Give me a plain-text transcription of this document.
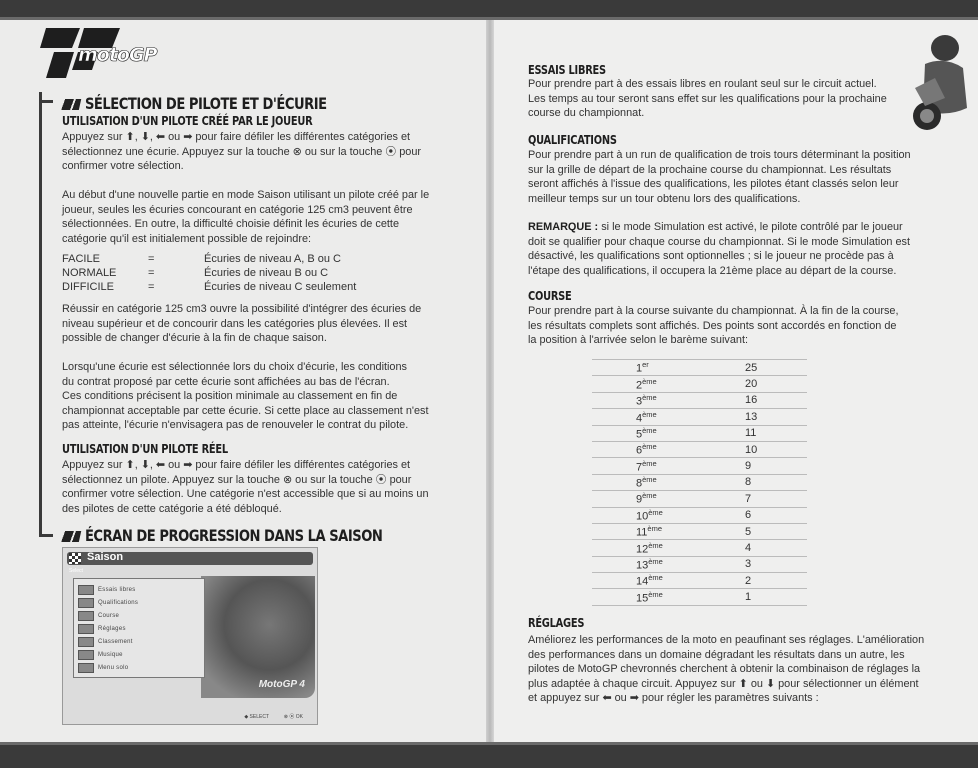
motoGP
SÉLECTION DE PILOTE ET D'ÉCURIE
UTILISATION D'UN PILOTE CRÉÉ PAR LE JOUEUR
Appuyez sur ⬆, ⬇, ⬅ ou ➡ pour faire défiler les différentes catégories et
sélectionnez une écurie. Appuyez sur la touche ⊗ ou sur la touche ⦿ pour
confirmer votre sélection.
Au début d'une nouvelle partie en mode Saison utilisant un pilote créé par le
joueur, seules les écuries concourant en catégorie 125 cm3 peuvent être
sélectionnées. En outre, la difficulté choisie définit les écuries de cette
catégorie qu'il est initialement possible de rejoindre:
FACILE	=	Écuries de niveau A, B ou C
NORMALE	=	Écuries de niveau B ou C
DIFFICILE	=	Écuries de niveau C seulement
Réussir en catégorie 125 cm3 ouvre la possibilité d'intégrer des écuries de
niveau supérieur et de concourir dans les catégories plus élevées. Il est
possible de changer d'écurie à la fin de chaque saison.
Lorsqu'une écurie est sélectionnée lors du choix d'écurie, les conditions
du contrat proposé par cette écurie sont affichées au bas de l'écran.
Ces conditions précisent la position minimale au classement en fin de
championnat acceptable par cette écurie. Si cette place au classement n'est
pas atteinte, l'écurie n'envisagera pas de renouveler le contrat du pilote.
UTILISATION D'UN PILOTE RÉEL
Appuyez sur ⬆, ⬇, ⬅ ou ➡ pour faire défiler les différentes catégories et
sélectionnez un pilote. Appuyez sur la touche ⊗ ou sur la touche ⦿ pour
confirmer votre sélection. Une catégorie n'est accessible que si au moins un
des pilotes de cette catégorie a été débloqué.
ÉCRAN DE PROGRESSION DANS LA SAISON
Saison
Select
MotoGP 4
Essais libres
Qualifications
Course
Réglages
Classement
Musique
Menu solo
◆ SELECT	⊗ ⦿ OK
ESSAIS LIBRES
Pour prendre part à des essais libres en roulant seul sur le circuit actuel.
Les temps au tour seront sans effet sur les qualifications pour la prochaine
course du championnat.
QUALIFICATIONS
Pour prendre part à un run de qualification de trois tours déterminant la position
sur la grille de départ de la prochaine course du championnat. Les résultats
seront affichés à l'issue des qualifications, les pilotes étant classés selon leur
meilleur temps sur un tour obtenu lors des qualifications.
REMARQUE : si le mode Simulation est activé, le pilote contrôlé par le joueur
doit se qualifier pour chaque course du championnat. Si le mode Simulation est
désactivé, les qualifications sont optionnelles ; si le joueur ne procède pas à
l'étape des qualifications, il occupera la 21ème place au départ de la course.
COURSE
Pour prendre part à la course suivante du championnat. À la fin de la course,
les résultats complets sont affichés. Des points sont accordés en fonction de
la position à l'arrivée selon le barème suivant:
RÉGLAGES
Améliorez les performances de la moto en peaufinant ses réglages. L'amélioration
des performances dans un domaine dégradant les résultats dans un autre, les
pilotes de MotoGP chevronnés cherchent à obtenir la combinaison de réglages la
plus adaptée à chaque circuit. Appuyez sur ⬆ ou ⬇ pour sélectionner un élément
et appuyez sur ⬅ ou ➡ pour régler les paramètres suivants :
1er	25
2ème	20
3ème	16
4ème	13
5ème	11
6ème	10
7ème	9
8ème	8
9ème	7
10ème	6
11ème	5
12ème	4
13ème	3
14ème	2
15ème	1
